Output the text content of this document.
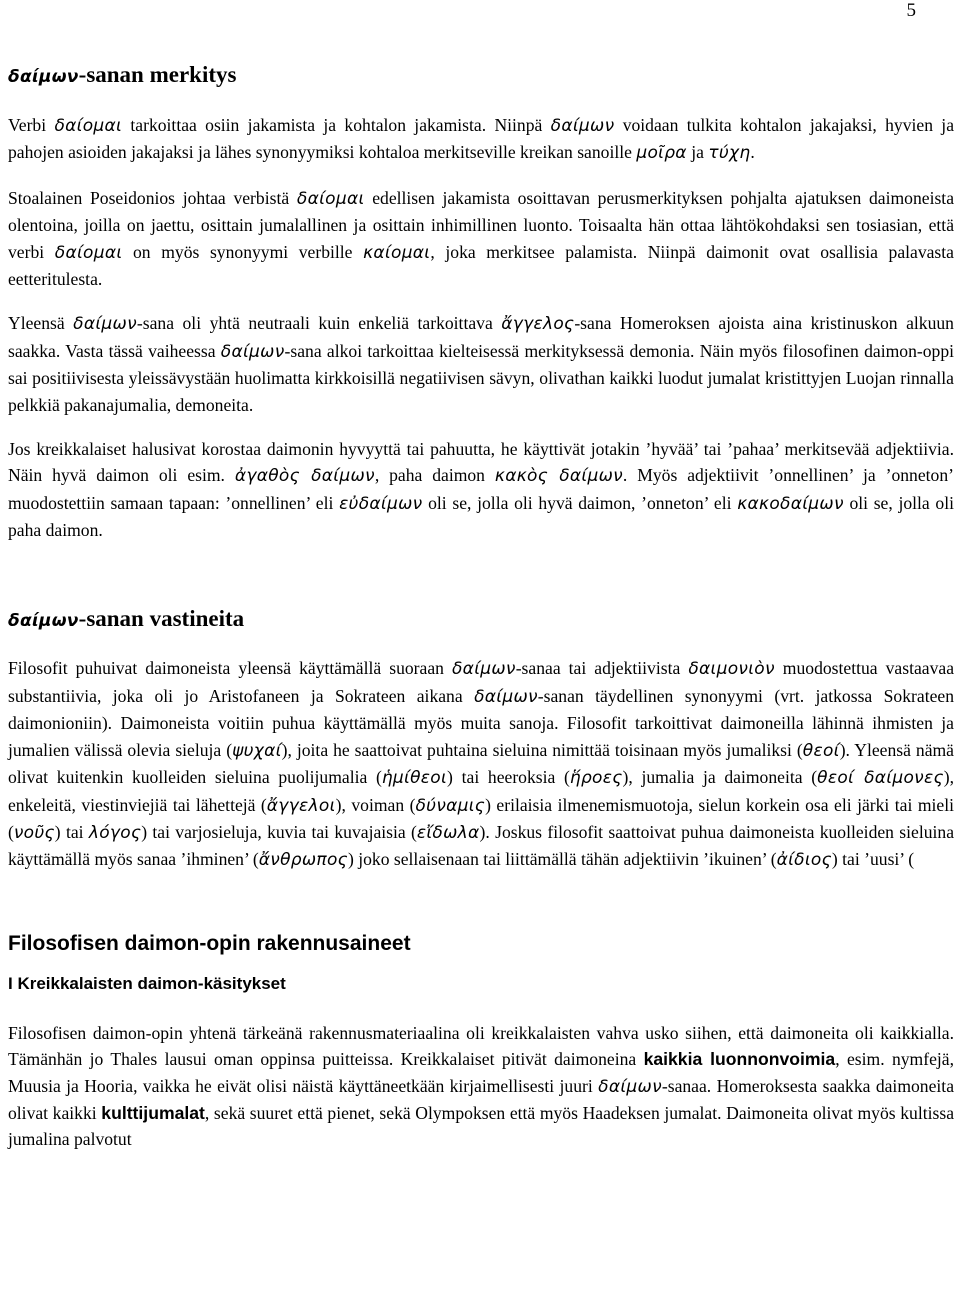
5
δαίμων-sanan merkitys

Verbi δαίομαι tarkoittaa osiin jakamista ja kohtalon jakamista. Niinpä δαίμων voidaan tulkita kohtalon jakajaksi, hyvien ja pahojen asioiden jakajaksi ja lähes synonyymiksi kohtaloa merkitseville kreikan sanoille μοῖρα ja τύχη.

Stoalainen Poseidonios johtaa verbistä δαίομαι edellisen jakamista osoittavan perusmerkityksen pohjalta ajatuksen daimoneista olentoina, joilla on jaettu, osittain jumalallinen ja osittain inhimillinen luonto. Toisaalta hän ottaa lähtökohdaksi sen tosiasian, että verbi δαίομαι on myös synonyymi verbille καίομαι, joka merkitsee palamista. Niinpä daimonit ovat osallisia palavasta eetteritulesta.

Yleensä δαίμων-sana oli yhtä neutraali kuin enkeliä tarkoittava ἄγγελος-sana Homeroksen ajoista aina kristinuskon alkuun saakka. Vasta tässä vaiheessa δαίμων-sana alkoi tarkoittaa kielteisessä merkityksessä demonia. Näin myös filosofinen daimon-oppi sai positiivisesta yleissävystään huolimatta kirkkoisillä negatiivisen sävyn, olivathan kaikki luodut jumalat kristittyjen Luojan rinnalla pelkkiä pakanajumalia, demoneita.

Jos kreikkalaiset halusivat korostaa daimonin hyvyyttä tai pahuutta, he käyttivät jotakin ’hyvää’ tai ’pahaa’ merkitsevää adjektiivia. Näin hyvä daimon oli esim. ἀγαθὸς δαίμων, paha daimon κακὸς δαίμων. Myös adjektiivit ’onnellinen’ ja ’onneton’ muodostettiin samaan tapaan: ’onnellinen’ eli εὐδαίμων oli se, jolla oli hyvä daimon, ’onneton’ eli κακοδαίμων oli se, jolla oli paha daimon.

δαίμων-sanan vastineita

Filosofit puhuivat daimoneista yleensä käyttämällä suoraan δαίμων-sanaa tai adjektiivista δαιμονιὸν muodostettua vastaavaa substantiivia, joka oli jo Aristofaneen ja Sokrateen aikana δαίμων-sanan täydellinen synonyymi (vrt. jatkossa Sokrateen daimonioniin). Daimoneista voitiin puhua käyttämällä myös muita sanoja. Filosofit tarkoittivat daimoneilla lähinnä ihmisten ja jumalien välissä olevia sieluja (ψυχαί), joita he saattoivat puhtaina sieluina nimittää toisinaan myös jumaliksi (θεοί). Yleensä nämä olivat kuitenkin kuolleiden sieluina puolijumalia (ἡμίθεοι) tai heeroksia (ἥροες), jumalia ja daimoneita (θεοί δαίμονες), enkeleitä, viestinviejiä tai lähettejä (ἄγγελοι), voiman (δύναμις) erilaisia ilmenemismuotoja, sielun korkein osa eli järki tai mieli (νοῦς) tai λόγος) tai varjosieluja, kuvia tai kuvajaisia (εἴδωλα). Joskus filosofit saattoivat puhua daimoneista kuolleiden sieluina käyttämällä myös sanaa ’ihminen’ (ἄνθρωπος) joko sellaisenaan tai liittämällä tähän adjektiivin ’ikuinen’ (ἀίδιος) tai ’uusi’ (

Filosofisen daimon-opin rakennusaineet
I Kreikkalaisten daimon-käsitykset

Filosofisen daimon-opin yhtenä tärkeänä rakennusmateriaalina oli kreikkalaisten vahva usko siihen, että daimoneita oli kaikkialla. Tämänhän jo Thales lausui oman oppinsa puitteissa. Kreikkalaiset pitivät daimoneina kaikkia luonnonvoimia, esim. nymfejä, Muusia ja Hooria, vaikka he eivät olisi näistä käyttäneetkään kirjaimellisesti juuri δαίμων-sanaa. Homeroksesta saakka daimoneita olivat kaikki kulttijumalat, sekä suuret että pienet, sekä Olympoksen että myös Haadeksen jumalat. Daimoneita olivat myös kultissa jumalina palvotut
